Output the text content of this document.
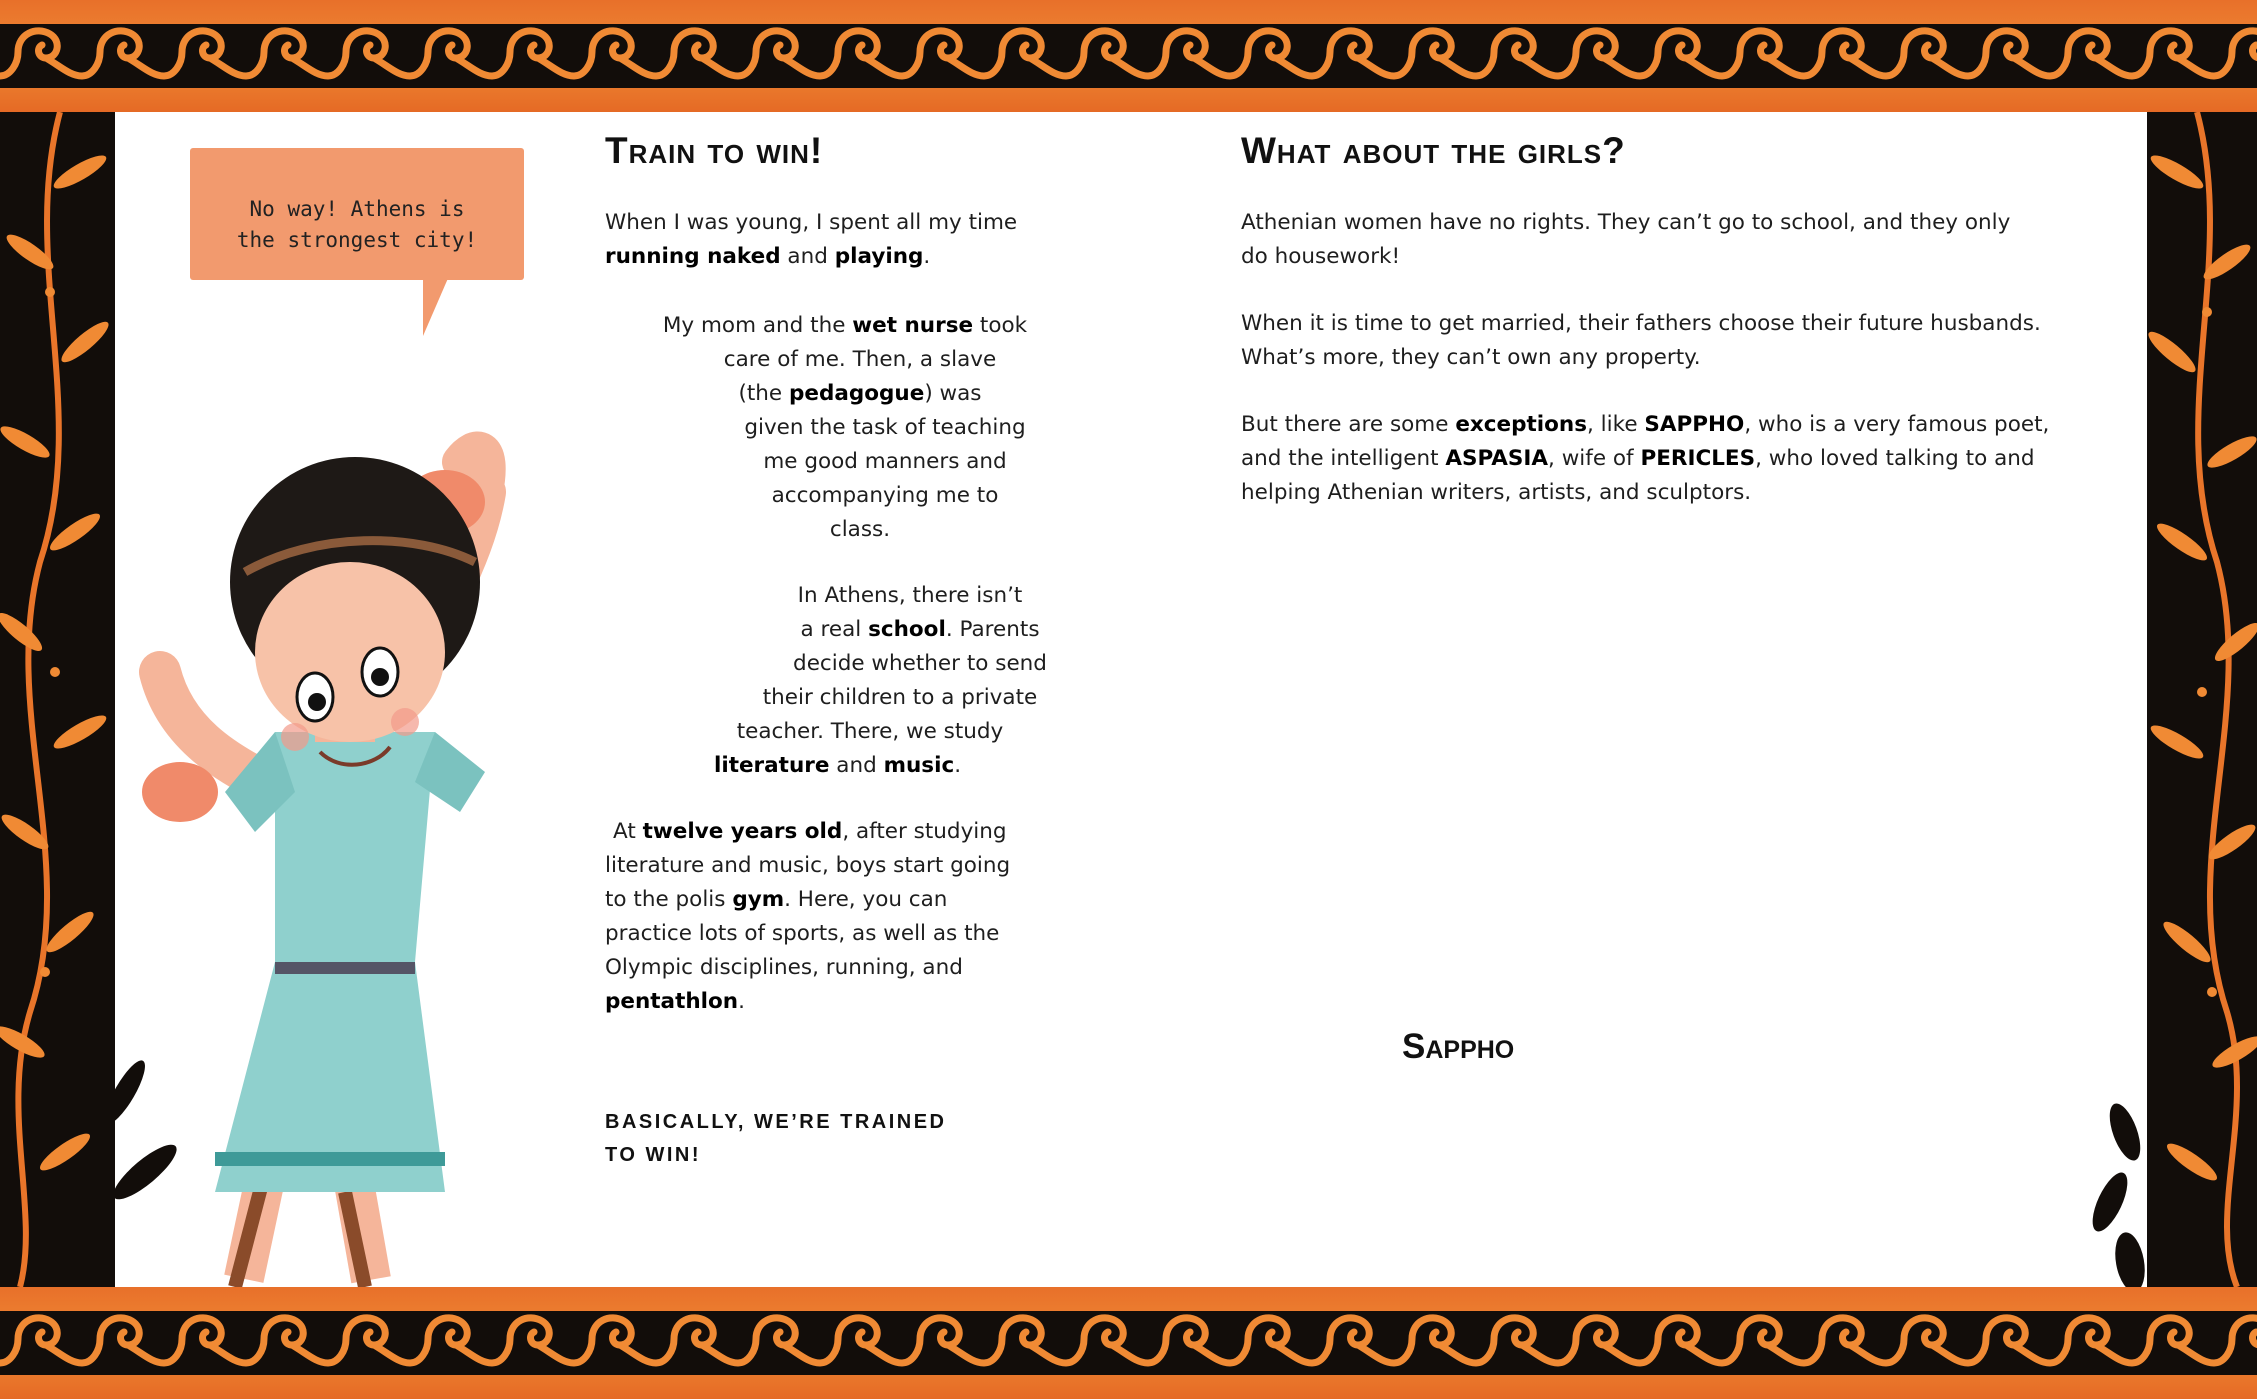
No way! Athens is
the strongest city!

Train to win!

When I was young, I spent all my time
running naked and playing.

My mom and the wet nurse took
care of me. Then, a slave
(the pedagogue) was
given the task of teaching
me good manners and
accompanying me to
class.
In Athens, there isn’t
a real school. Parents
decide whether to send
their children to a private
teacher. There, we study
literature and music.
At twelve years old, after studying
literature and music, boys start going
to the polis gym. Here, you can
practice lots of sports, as well as the
Olympic disciplines, running, and
pentathlon.
BASICALLY, WE’RE TRAINED
TO WIN!
What about the girls?
Athenian women have no rights. They can’t go to school, and they only
do housework!
When it is time to get married, their fathers choose their future husbands.
What’s more, they can’t own any property.
But there are some exceptions, like SAPPHO, who is a very famous poet,
and the intelligent ASPASIA, wife of PERICLES, who loved talking to and
helping Athenian writers, artists, and sculptors.
Sappho
